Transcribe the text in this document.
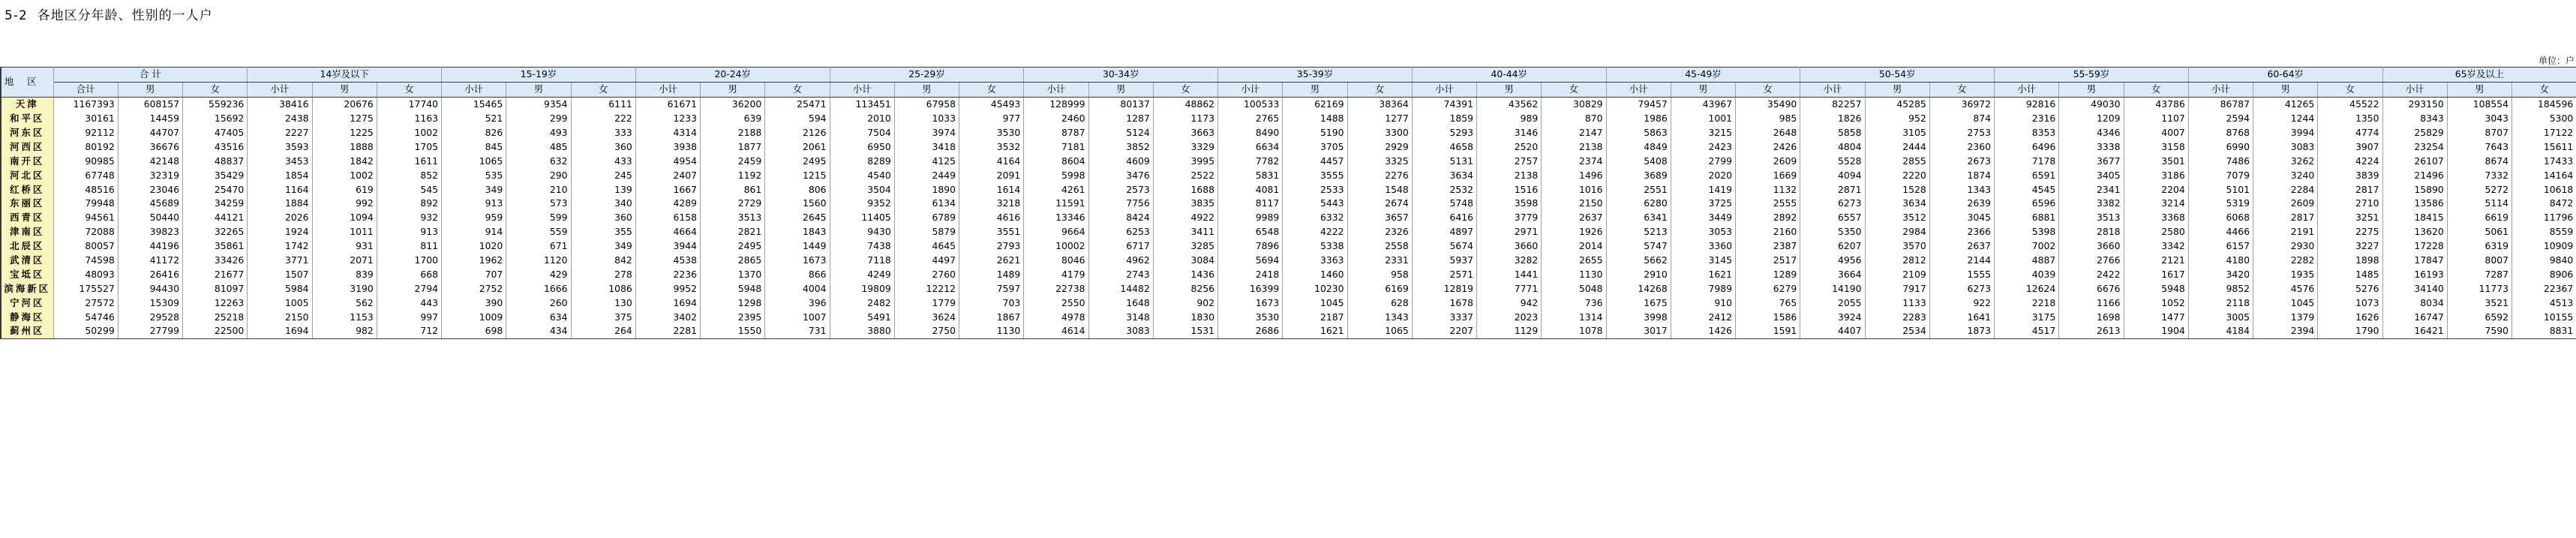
5-2  各地区分年龄、性别的一人户
单位：户
地区	合 计			14岁及以下			15-19岁			20-24岁			25-29岁			30-34岁			35-39岁			40-44岁			45-49岁			50-54岁			55-59岁			60-64岁			65岁及以上		
	合计	男	女	小计	男	女	小计	男	女	小计	男	女	小计	男	女	小计	男	女	小计	男	女	小计	男	女	小计	男	女	小计	男	女	小计	男	女	小计	男	女	小计	男	女
天津	1167393	608157	559236	38416	20676	17740	15465	9354	6111	61671	36200	25471	113451	67958	45493	128999	80137	48862	100533	62169	38364	74391	43562	30829	79457	43967	35490	82257	45285	36972	92816	49030	43786	86787	41265	45522	293150	108554	184596
和平区	30161	14459	15692	2438	1275	1163	521	299	222	1233	639	594	2010	1033	977	2460	1287	1173	2765	1488	1277	1859	989	870	1986	1001	985	1826	952	874	2316	1209	1107	2594	1244	1350	8343	3043	5300
河东区	92112	44707	47405	2227	1225	1002	826	493	333	4314	2188	2126	7504	3974	3530	8787	5124	3663	8490	5190	3300	5293	3146	2147	5863	3215	2648	5858	3105	2753	8353	4346	4007	8768	3994	4774	25829	8707	17122
河西区	80192	36676	43516	3593	1888	1705	845	485	360	3938	1877	2061	6950	3418	3532	7181	3852	3329	6634	3705	2929	4658	2520	2138	4849	2423	2426	4804	2444	2360	6496	3338	3158	6990	3083	3907	23254	7643	15611
南开区	90985	42148	48837	3453	1842	1611	1065	632	433	4954	2459	2495	8289	4125	4164	8604	4609	3995	7782	4457	3325	5131	2757	2374	5408	2799	2609	5528	2855	2673	7178	3677	3501	7486	3262	4224	26107	8674	17433
河北区	67748	32319	35429	1854	1002	852	535	290	245	2407	1192	1215	4540	2449	2091	5998	3476	2522	5831	3555	2276	3634	2138	1496	3689	2020	1669	4094	2220	1874	6591	3405	3186	7079	3240	3839	21496	7332	14164
红桥区	48516	23046	25470	1164	619	545	349	210	139	1667	861	806	3504	1890	1614	4261	2573	1688	4081	2533	1548	2532	1516	1016	2551	1419	1132	2871	1528	1343	4545	2341	2204	5101	2284	2817	15890	5272	10618
东丽区	79948	45689	34259	1884	992	892	913	573	340	4289	2729	1560	9352	6134	3218	11591	7756	3835	8117	5443	2674	5748	3598	2150	6280	3725	2555	6273	3634	2639	6596	3382	3214	5319	2609	2710	13586	5114	8472
西青区	94561	50440	44121	2026	1094	932	959	599	360	6158	3513	2645	11405	6789	4616	13346	8424	4922	9989	6332	3657	6416	3779	2637	6341	3449	2892	6557	3512	3045	6881	3513	3368	6068	2817	3251	18415	6619	11796
津南区	72088	39823	32265	1924	1011	913	914	559	355	4664	2821	1843	9430	5879	3551	9664	6253	3411	6548	4222	2326	4897	2971	1926	5213	3053	2160	5350	2984	2366	5398	2818	2580	4466	2191	2275	13620	5061	8559
北辰区	80057	44196	35861	1742	931	811	1020	671	349	3944	2495	1449	7438	4645	2793	10002	6717	3285	7896	5338	2558	5674	3660	2014	5747	3360	2387	6207	3570	2637	7002	3660	3342	6157	2930	3227	17228	6319	10909
武清区	74598	41172	33426	3771	2071	1700	1962	1120	842	4538	2865	1673	7118	4497	2621	8046	4962	3084	5694	3363	2331	5937	3282	2655	5662	3145	2517	4956	2812	2144	4887	2766	2121	4180	2282	1898	17847	8007	9840
宝坻区	48093	26416	21677	1507	839	668	707	429	278	2236	1370	866	4249	2760	1489	4179	2743	1436	2418	1460	958	2571	1441	1130	2910	1621	1289	3664	2109	1555	4039	2422	1617	3420	1935	1485	16193	7287	8906
滨海新区	175527	94430	81097	5984	3190	2794	2752	1666	1086	9952	5948	4004	19809	12212	7597	22738	14482	8256	16399	10230	6169	12819	7771	5048	14268	7989	6279	14190	7917	6273	12624	6676	5948	9852	4576	5276	34140	11773	22367
宁河区	27572	15309	12263	1005	562	443	390	260	130	1694	1298	396	2482	1779	703	2550	1648	902	1673	1045	628	1678	942	736	1675	910	765	2055	1133	922	2218	1166	1052	2118	1045	1073	8034	3521	4513
静海区	54746	29528	25218	2150	1153	997	1009	634	375	3402	2395	1007	5491	3624	1867	4978	3148	1830	3530	2187	1343	3337	2023	1314	3998	2412	1586	3924	2283	1641	3175	1698	1477	3005	1379	1626	16747	6592	10155
蓟州区	50299	27799	22500	1694	982	712	698	434	264	2281	1550	731	3880	2750	1130	4614	3083	1531	2686	1621	1065	2207	1129	1078	3017	1426	1591	4407	2534	1873	4517	2613	1904	4184	2394	1790	16421	7590	8831
